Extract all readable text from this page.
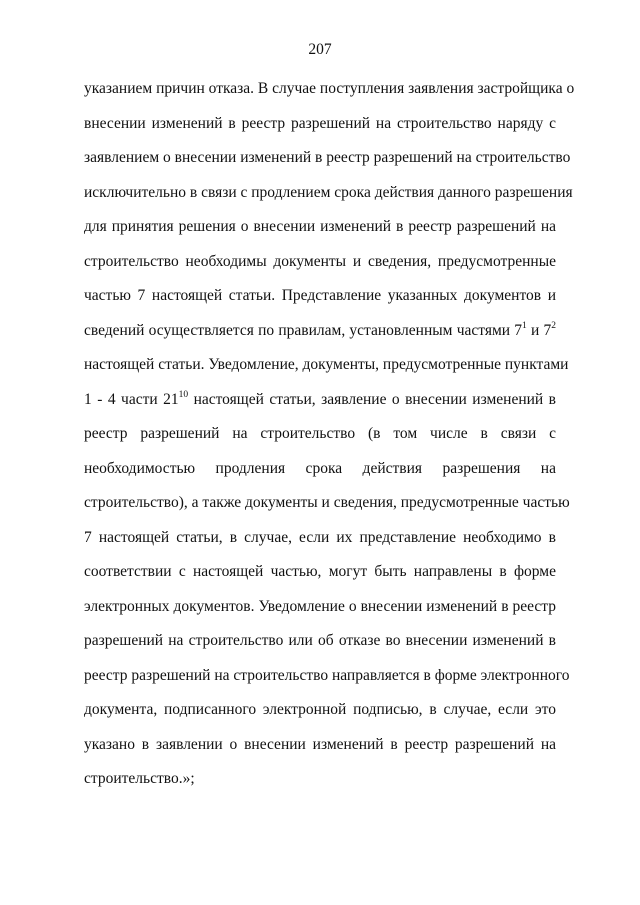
207
указанием причин отказа. В случае поступления заявления застройщика о
внесении изменений в реестр разрешений на строительство наряду с
заявлением о внесении изменений в реестр разрешений на строительство
исключительно в связи с продлением срока действия данного разрешения
для принятия решения о внесении изменений в реестр разрешений на
строительство необходимы документы и сведения, предусмотренные
частью 7 настоящей статьи. Представление указанных документов и
сведений осуществляется по правилам, установленным частями $7^1$ и $7^2$
настоящей статьи. Уведомление, документы, предусмотренные пунктами
1 - 4 части $21^{10}$ настоящей статьи, заявление о внесении изменений в
реестр разрешений на строительство (в том числе в связи с
необходимостью продления срока действия разрешения на
строительство), а также документы и сведения, предусмотренные частью
7 настоящей статьи, в случае, если их представление необходимо в
соответствии с настоящей частью, могут быть направлены в форме
электронных документов. Уведомление о внесении изменений в реестр
разрешений на строительство или об отказе во внесении изменений в
реестр разрешений на строительство направляется в форме электронного
документа, подписанного электронной подписью, в случае, если это
указано в заявлении о внесении изменений в реестр разрешений на
строительство.»;
